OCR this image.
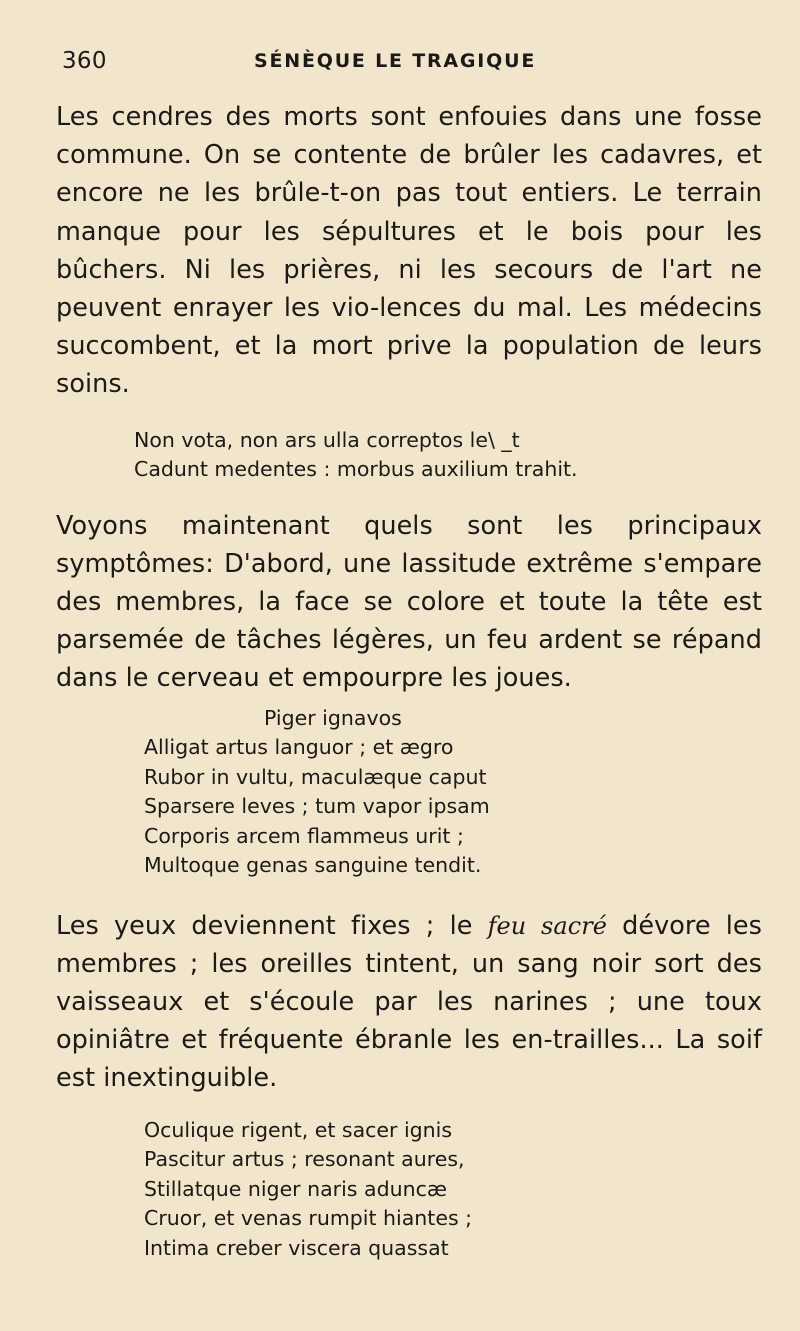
360	SÉNÈQUE LE TRAGIQUE

Les cendres des morts sont enfouies dans une fosse commune. On se contente de brûler les cadavres, et encore ne les brûle-t-on pas tout entiers. Le terrain manque pour les sépultures et le bois pour les bûchers. Ni les prières, ni les secours de l'art ne peuvent enrayer les vio-lences du mal. Les médecins succombent, et la mort prive la population de leurs soins.

Non vota, non ars ulla correptos le\ _t
Cadunt medentes : morbus auxilium trahit.

Voyons maintenant quels sont les principaux symptômes: D'abord, une lassitude extrême s'empare des membres, la face se colore et toute la tête est parsemée de tâches légères, un feu ardent se répand dans le cerveau et empourpre les joues.

Piger ignavos
Alligat artus languor ; et ægro
Rubor in vultu, maculæque caput
Sparsere leves ; tum vapor ipsam
Corporis arcem flammeus urit ;
Multoque genas sanguine tendit.

Les yeux deviennent fixes ; le feu sacré dévore les membres ; les oreilles tintent, un sang noir sort des vaisseaux et s'écoule par les narines ; une toux opiniâtre et fréquente ébranle les en-trailles... La soif est inextinguible.

Oculique rigent, et sacer ignis
Pascitur artus ; resonant aures,
Stillatque niger naris aduncæ
Cruor, et venas rumpit hiantes ;
Intima creber viscera quassat
